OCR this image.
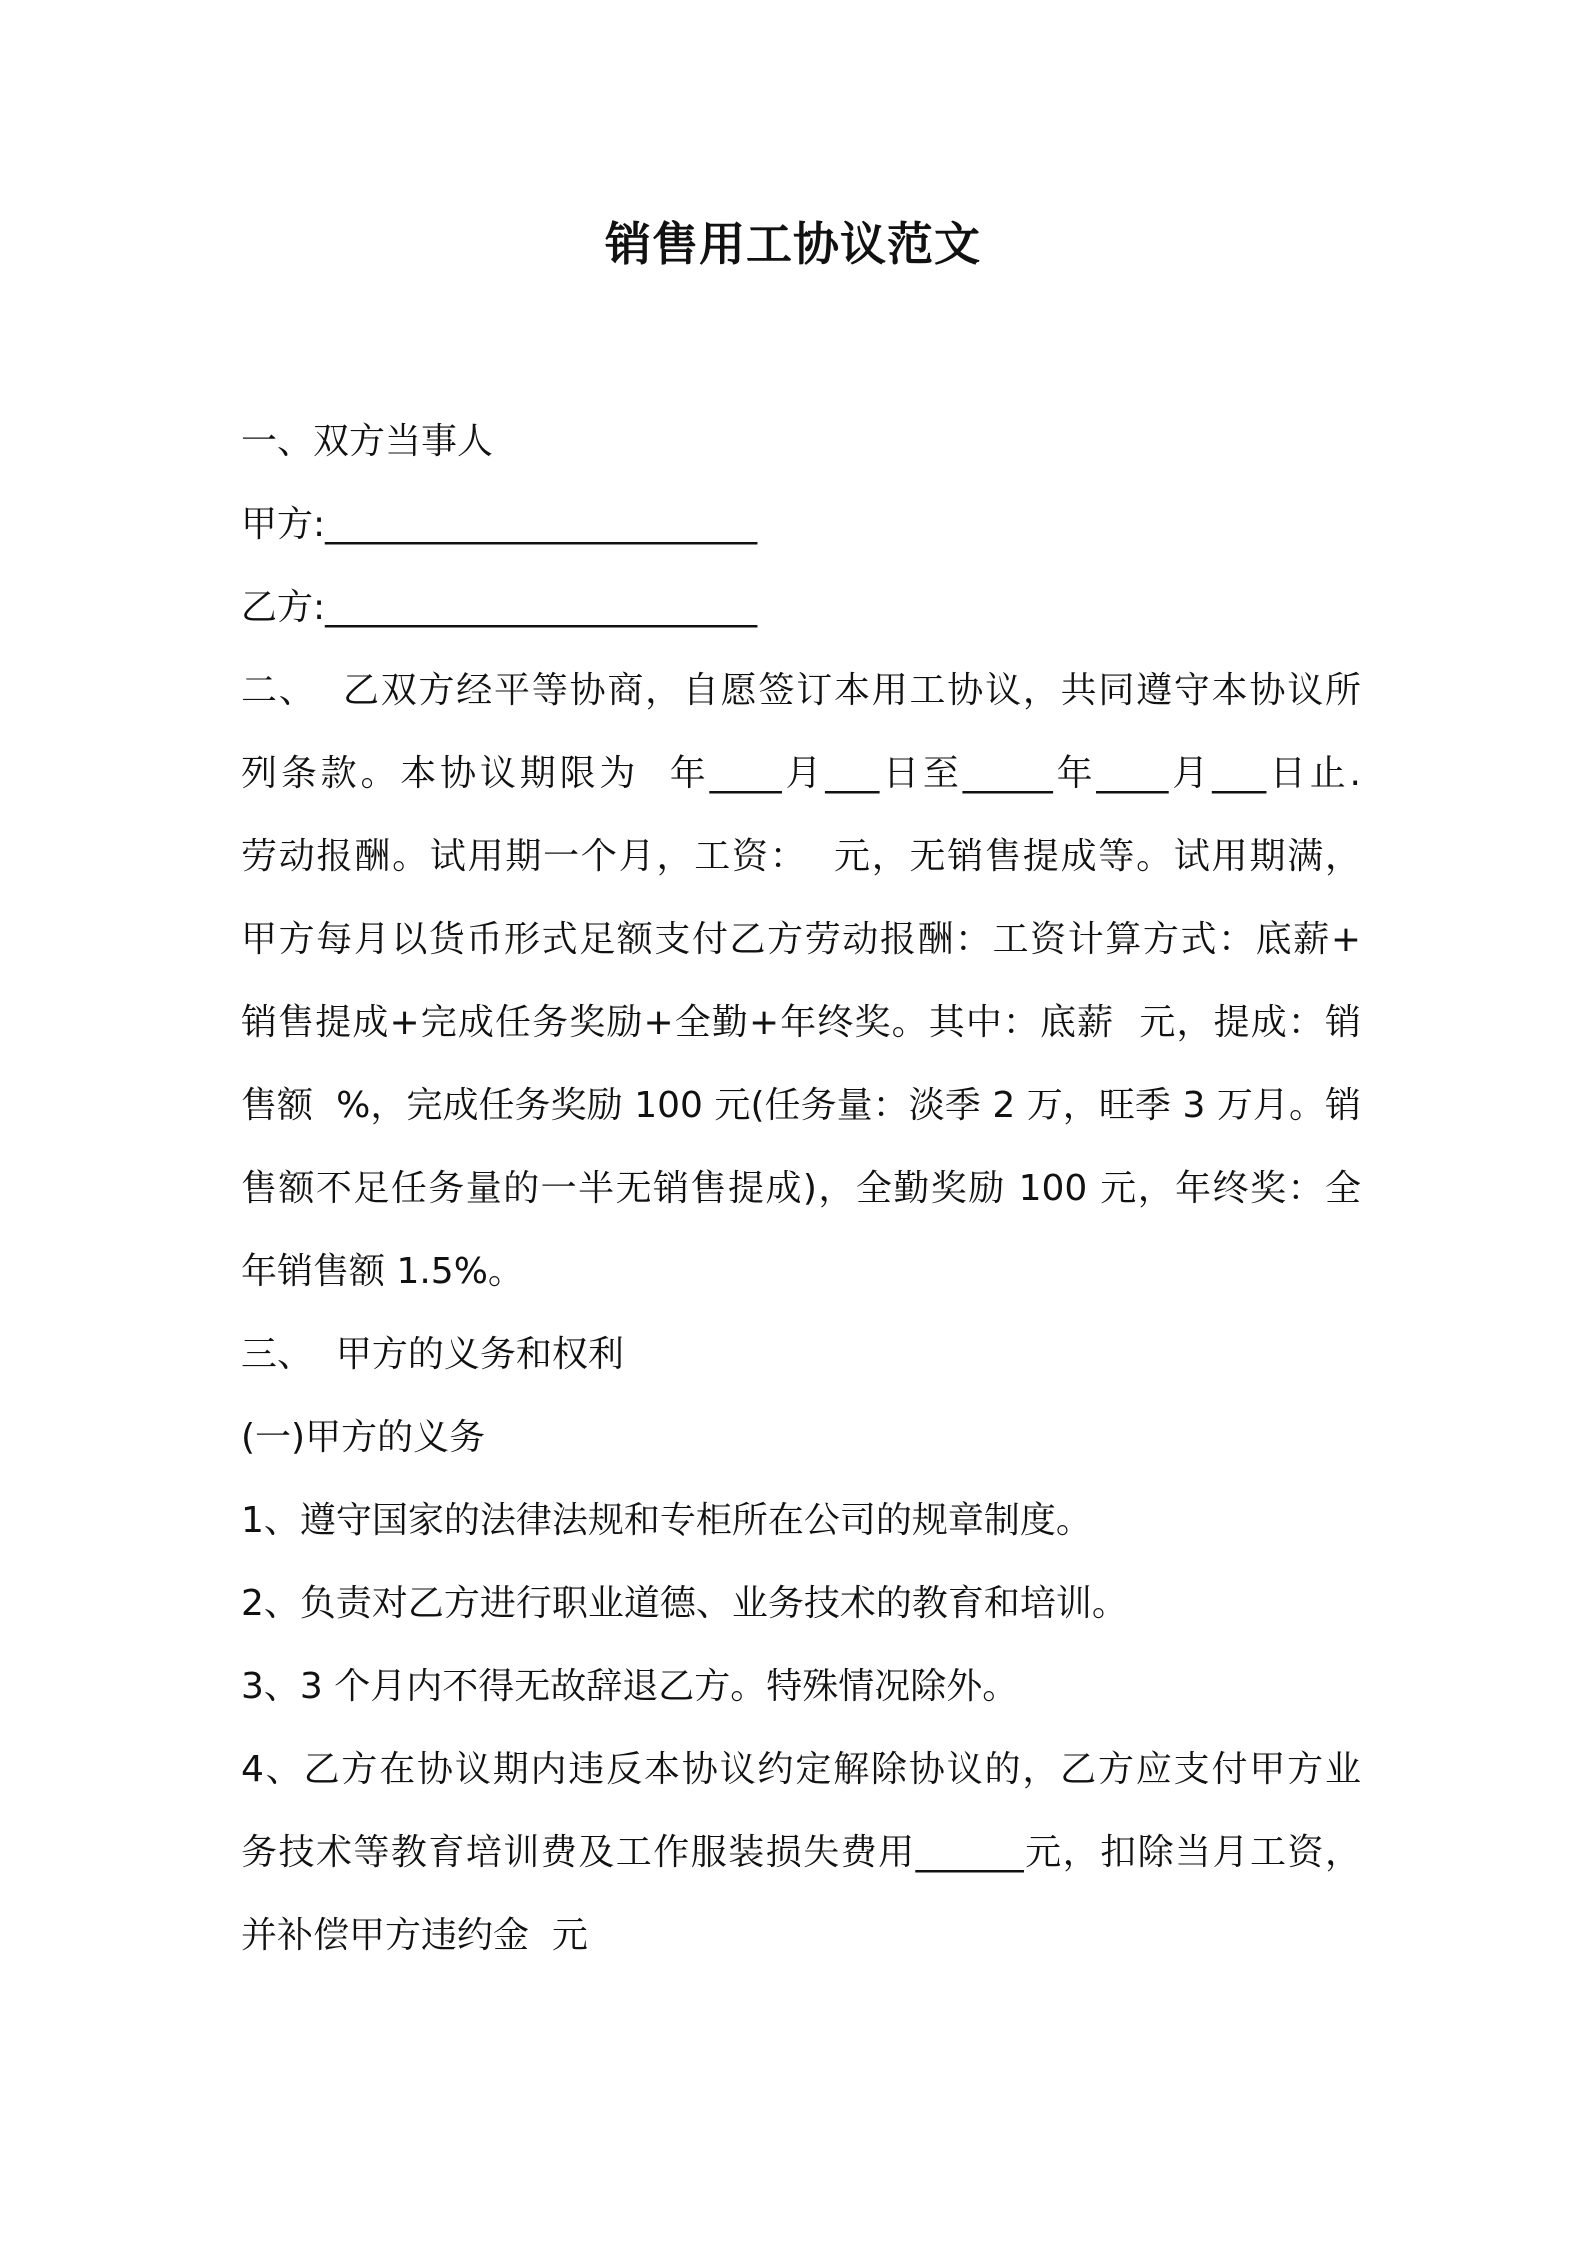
销售用工协议范文

一、双方当事人

甲方:________________________

乙方:________________________

二、  乙双方经平等协商，自愿签订本用工协议，共同遵守本协议所

列条款。本协议期限为  年____月___日至_____年____月___日止.

劳动报酬。试用期一个月，工资：  元，无销售提成等。试用期满，

甲方每月以货币形式足额支付乙方劳动报酬：工资计算方式：底薪+

销售提成+完成任务奖励+全勤+年终奖。其中：底薪  元，提成：销

售额  %，完成任务奖励 100 元(任务量：淡季 2 万，旺季 3 万月。销

售额不足任务量的一半无销售提成)，全勤奖励 100 元，年终奖：全

年销售额 1.5%。

三、  甲方的义务和权利

(一)甲方的义务

1、遵守国家的法律法规和专柜所在公司的规章制度。

2、负责对乙方进行职业道德、业务技术的教育和培训。

3、3 个月内不得无故辞退乙方。特殊情况除外。

4、乙方在协议期内违反本协议约定解除协议的，乙方应支付甲方业

务技术等教育培训费及工作服装损失费用______元，扣除当月工资，

并补偿甲方违约金  元
